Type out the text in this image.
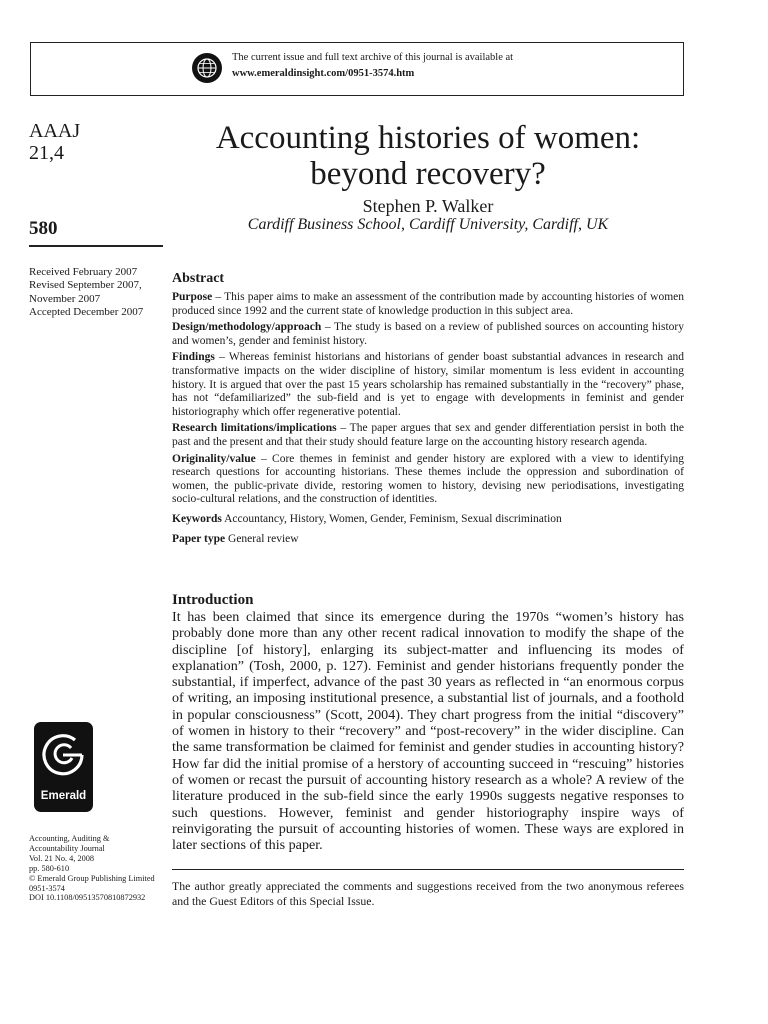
The current issue and full text archive of this journal is available at
www.emeraldinsight.com/0951-3574.htm
AAAJ
21,4
580
Received February 2007
Revised September 2007,
November 2007
Accepted December 2007
Emerald
Accounting, Auditing &
Accountability Journal
Vol. 21 No. 4, 2008
pp. 580-610
© Emerald Group Publishing Limited
0951-3574
DOI 10.1108/09513570810872932
Accounting histories of women:
beyond recovery?
Stephen P. Walker
Cardiff Business School, Cardiff University, Cardiff, UK
Abstract

Purpose – This paper aims to make an assessment of the contribution made by accounting histories of women produced since 1992 and the current state of knowledge production in this subject area.

Design/methodology/approach – The study is based on a review of published sources on accounting history and women’s, gender and feminist history.

Findings – Whereas feminist historians and historians of gender boast substantial advances in research and transformative impacts on the wider discipline of history, similar momentum is less evident in accounting history. It is argued that over the past 15 years scholarship has remained substantially in the “recovery” phase, has not “defamiliarized” the sub-field and is yet to engage with developments in feminist and gender historiography which offer regenerative potential.

Research limitations/implications – The paper argues that sex and gender differentiation persist in both the past and the present and that their study should feature large on the accounting history research agenda.

Originality/value – Core themes in feminist and gender history are explored with a view to identifying research questions for accounting historians. These themes include the oppression and subordination of women, the public-private divide, restoring women to history, devising new periodisations, investigating socio-cultural relations, and the construction of identities.

Keywords Accountancy, History, Women, Gender, Feminism, Sexual discrimination

Paper type General review

Introduction

It has been claimed that since its emergence during the 1970s “women’s history has probably done more than any other recent radical innovation to modify the shape of the discipline [of history], enlarging its subject-matter and influencing its modes of explanation” (Tosh, 2000, p. 127). Feminist and gender historians frequently ponder the substantial, if imperfect, advance of the past 30 years as reflected in “an enormous corpus of writing, an imposing institutional presence, a substantial list of journals, and a foothold in popular consciousness” (Scott, 2004). They chart progress from the initial “discovery” of women in history to their “recovery” and “post-recovery” in the wider discipline. Can the same transformation be claimed for feminist and gender studies in accounting history? How far did the initial promise of a herstory of accounting succeed in “rescuing” histories of women or recast the pursuit of accounting history research as a whole? A review of the literature produced in the sub-field since the early 1990s suggests negative responses to such questions. However, feminist and gender historiography inspire ways of reinvigorating the pursuit of accounting histories of women. These ways are explored in later sections of this paper.

The author greatly appreciated the comments and suggestions received from the two anonymous referees and the Guest Editors of this Special Issue.
